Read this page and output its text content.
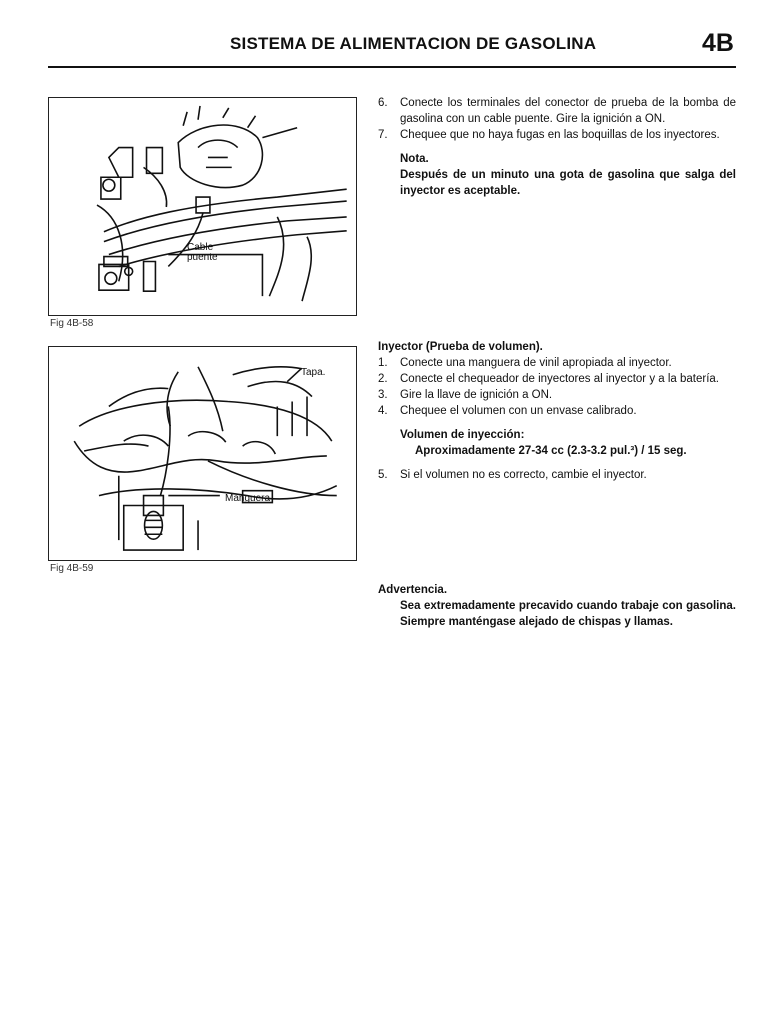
SISTEMA DE ALIMENTACION DE GASOLINA	4B
Cable
puente
Fig 4B-58
Tapa.
Manguera
Fig 4B-59
6.	Conecte los terminales del conector de prueba de la bomba de gasolina con un cable puente. Gire la ignición a ON.
7.	Chequee que no haya fugas en las boquillas de los inyectores.
Nota.
Después de un minuto una gota de gasolina que salga del inyector es aceptable.
Inyector (Prueba de volumen).
1.	Conecte una manguera de vinil apropiada al inyector.
2.	Conecte el chequeador de inyectores al inyector y a la batería.
3.	Gire la llave de ignición a ON.
4.	Chequee el volumen con un envase calibrado.
Volumen de inyección:
Aproximadamente 27-34 cc (2.3-3.2 pul.³) / 15 seg.
5.	Si el volumen no es correcto, cambie el inyector.
Advertencia.
Sea extremadamente precavido cuando trabaje con gasolina. Siempre manténgase alejado de chispas y llamas.
